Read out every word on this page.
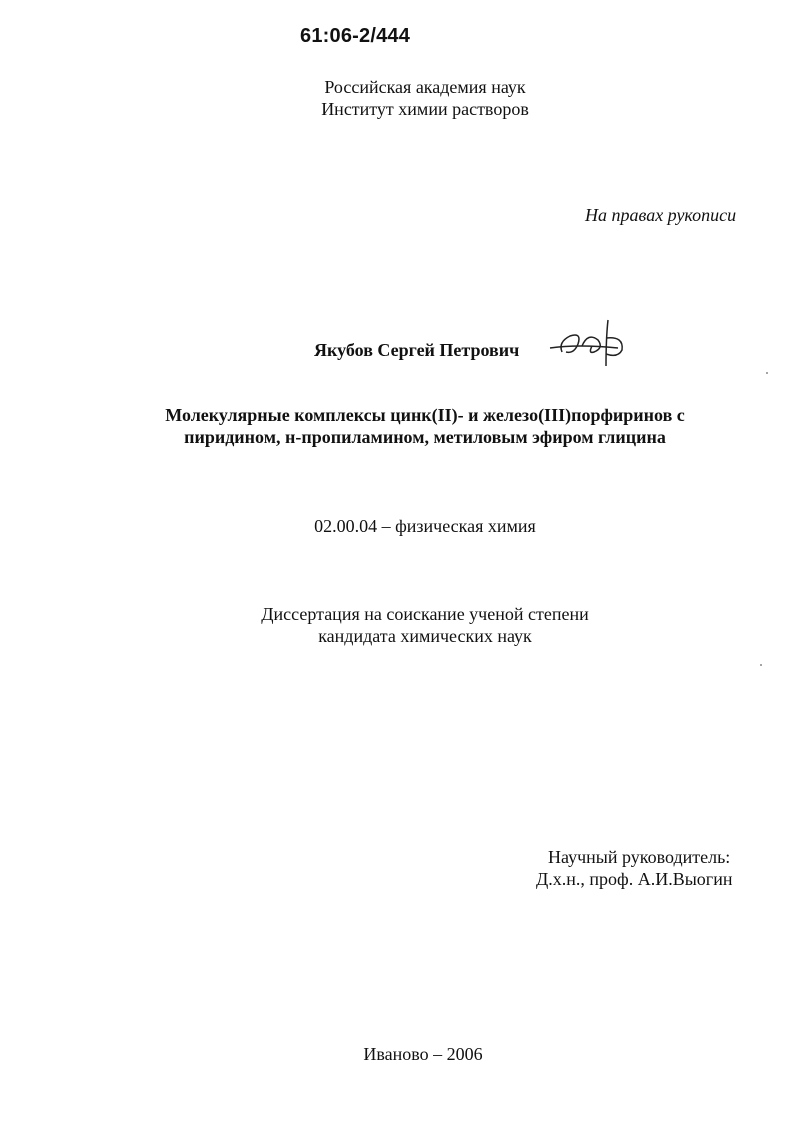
61:06-2/444
Российская академия наук
Институт химии растворов
На правах рукописи
Якубов Сергей Петрович
Молекулярные комплексы цинк(II)- и железо(III)порфиринов с
пиридином, н-пропиламином, метиловым эфиром глицина
02.00.04 – физическая химия
Диссертация на соискание ученой степени
кандидата химических наук
Научный руководитель:
Д.х.н., проф. А.И.Выогин
Иваново – 2006
